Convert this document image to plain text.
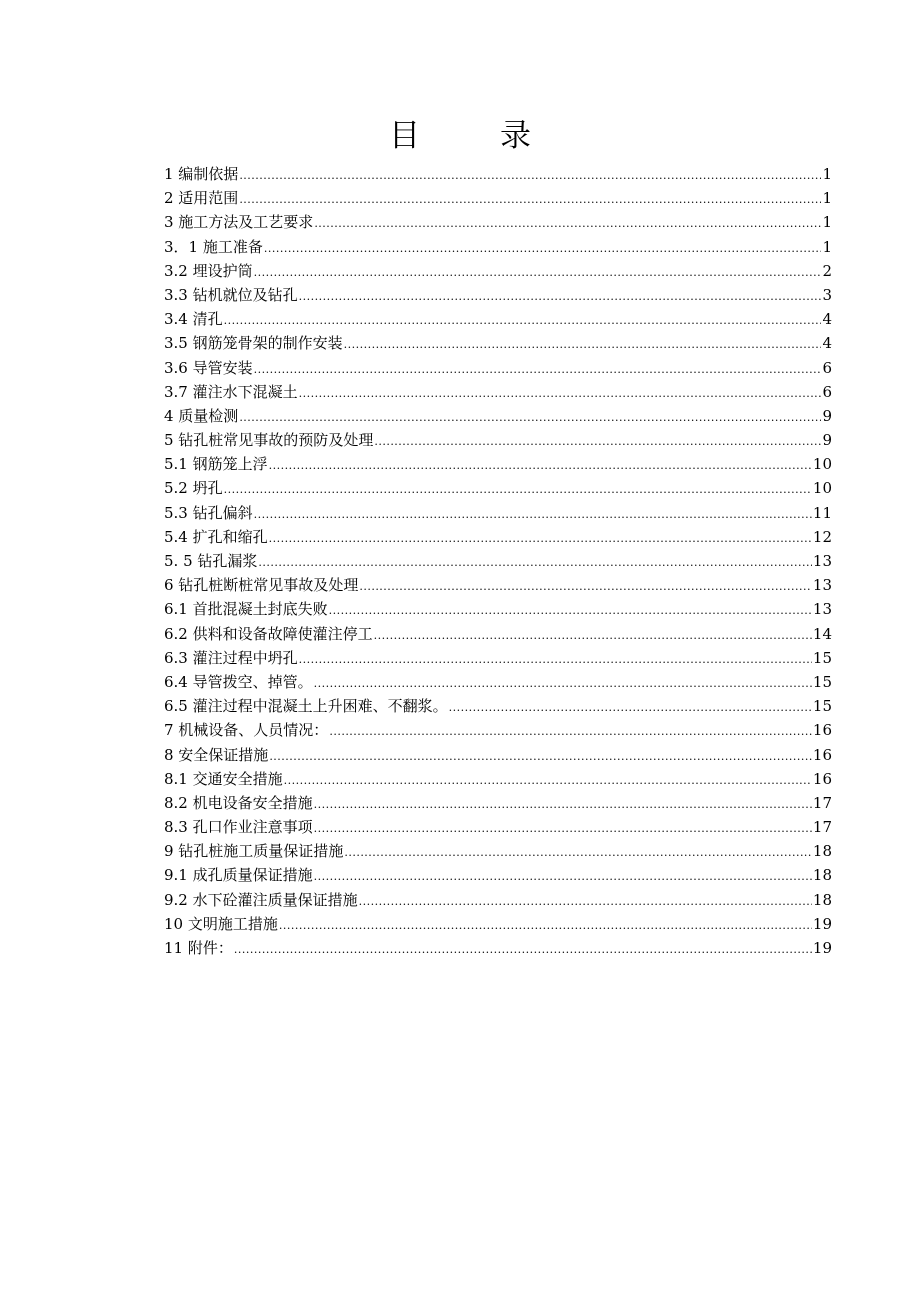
目	录
1 编制依据 .....	1
2 适用范围 .....	1
3 施工方法及工艺要求 .....	1
3．1 施工准备 .....	1
3.2 埋设护筒 .....	2
3.3 钻机就位及钻孔 .....	3
3.4 清孔 .....	4
3.5 钢筋笼骨架的制作安装 .....	4
3.6 导管安装 .....	6
3.7 灌注水下混凝土 .....	6
4 质量检测 .....	9
5 钻孔桩常见事故的预防及处理 .....	9
5.1 钢筋笼上浮 .....	10
5.2 坍孔 .....	10
5.3 钻孔偏斜 .....	11
5.4 扩孔和缩孔 .....	12
5. 5 钻孔漏浆 .....	13
6 钻孔桩断桩常见事故及处理 .....	13
6.1 首批混凝土封底失败 .....	13
6.2 供料和设备故障使灌注停工 .....	14
6.3 灌注过程中坍孔 .....	15
6.4 导管拨空、掉管。 .....	15
6.5 灌注过程中混凝土上升困难、不翻浆。 .....	15
7 机械设备、人员情况： .....	16
8 安全保证措施 .....	16
8.1 交通安全措施 .....	16
8.2 机电设备安全措施 .....	17
8.3 孔口作业注意事项 .....	17
9 钻孔桩施工质量保证措施 .....	18
9.1 成孔质量保证措施 .....	18
9.2 水下砼灌注质量保证措施 .....	18
10 文明施工措施 .....	19
11 附件： .....	19
